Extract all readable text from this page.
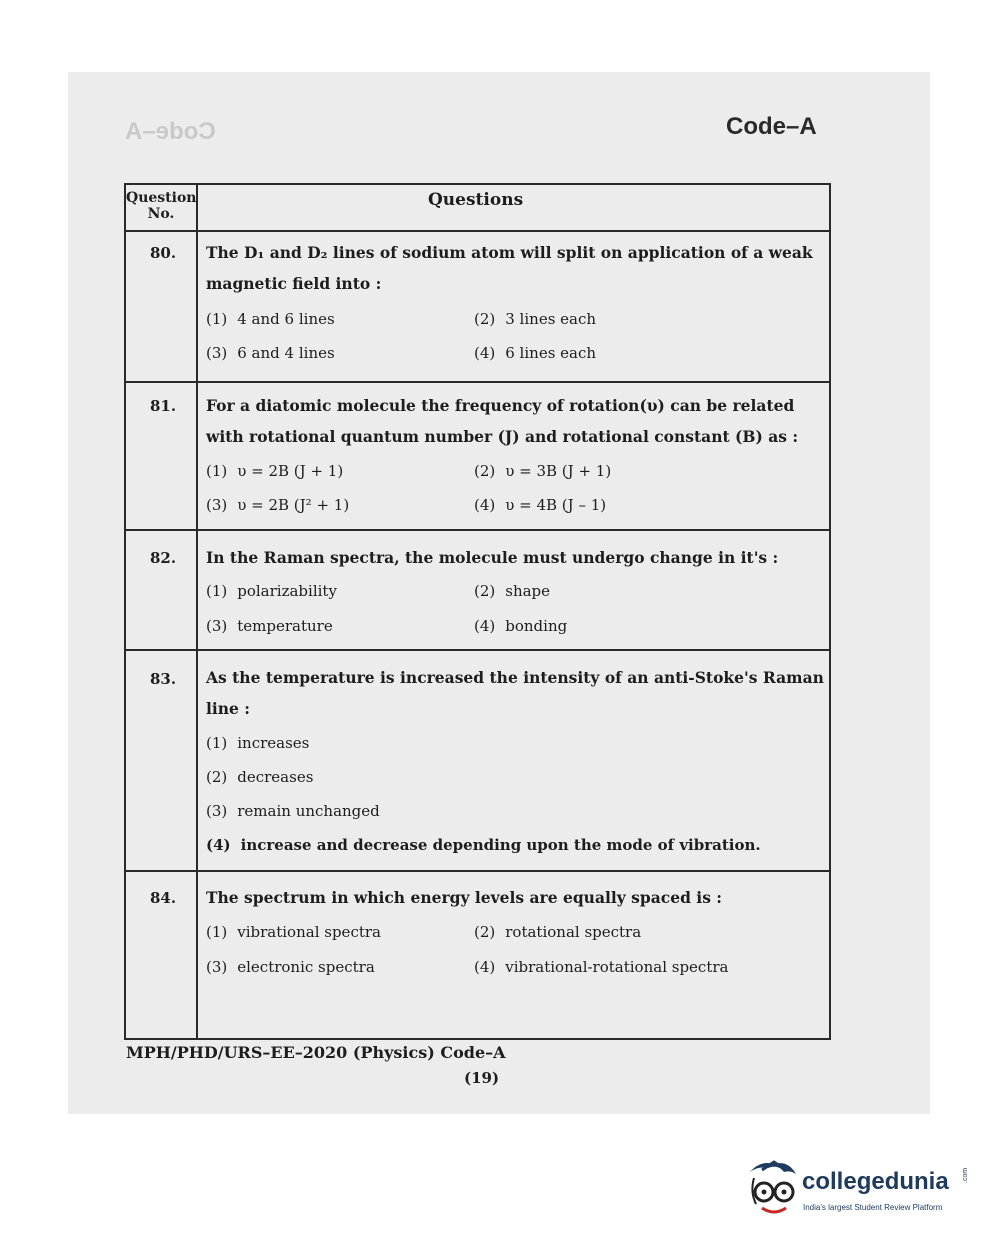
Code–A	Code–A
Question No.
Questions
80. The D₁ and D₂ lines of sodium atom will split on application of a weak magnetic field into :
(1) 4 and 6 lines	(2) 3 lines each
(3) 6 and 4 lines	(4) 6 lines each
81. For a diatomic molecule the frequency of rotation(υ) can be related with rotational quantum number (J) and rotational constant (B) as :
(1) υ = 2B (J + 1)	(2) υ = 3B (J + 1)
(3) υ = 2B (J² + 1)	(4) υ = 4B (J – 1)
82. In the Raman spectra, the molecule must undergo change in it's :
(1) polarizability	(2) shape
(3) temperature	(4) bonding
83. As the temperature is increased the intensity of an anti-Stoke's Raman line :
(1) increases
(2) decreases
(3) remain unchanged
(4) increase and decrease depending upon the mode of vibration.
84. The spectrum in which energy levels are equally spaced is :
(1) vibrational spectra	(2) rotational spectra
(3) electronic spectra	(4) vibrational-rotational spectra
MPH/PHD/URS–EE–2020 (Physics) Code–A
(19)
collegedunia .com
India's largest Student Review Platform
